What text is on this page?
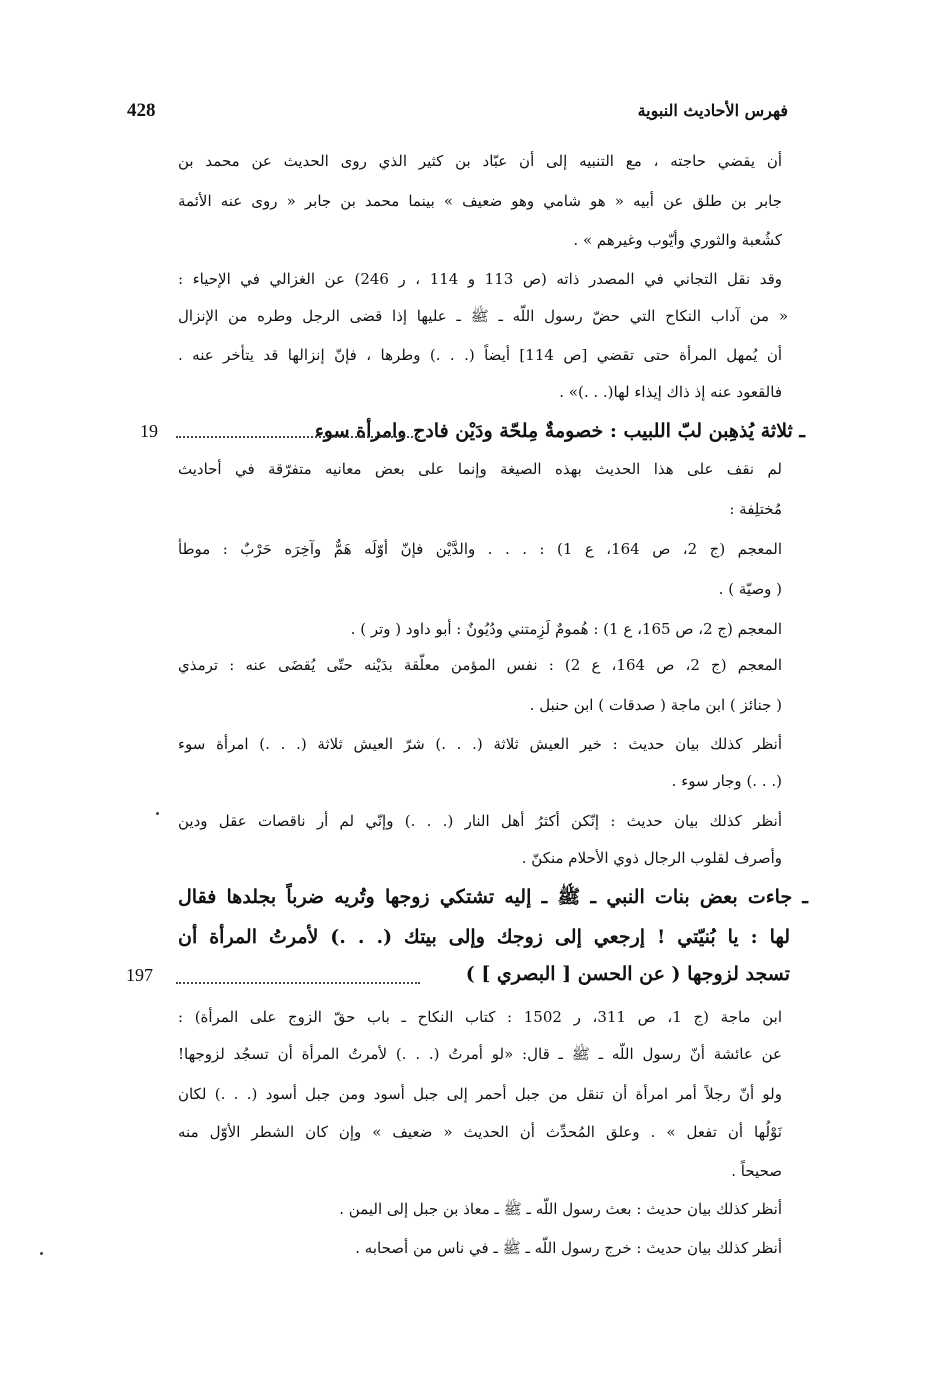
فهرس الأحاديث النبوية
428
أن يقضي حاجته ، مع التنبيه إلى أن عبّاد بن كثير الذي روى الحديث عن محمد بن
جابر بن طلق عن أبيه « هو شامي وهو ضعيف » بينما محمد بن جابر « روى عنه الأئمة
كشُعبة والثوري وأيّوب وغيرهم » .
وقد نقل التجاني في المصدر ذاته (ص 113 و 114 ، ر 246) عن الغزالي في الإحياء :
« من آداب النكاح التي حضّ رسول اللّه ـ ﷺ ـ عليها إذا قضى الرجل وطره من الإنزال
أن يُمهل المرأة حتى تقضي [ص 114] أيضاً (. . .) وطرها ، فإنّ إنزالها قد يتأخر عنه .
فالقعود عنه إذ ذاك إيذاء لها(. . .)» .
ـ ثلاثة يُذهِبن لبّ اللبيب : خصومةٌ مِلحّة ودَيْن فادح وامرأة سوء
19
لم نقف على هذا الحديث بهذه الصيغة وإنما على بعض معانيه متفرّقة في أحاديث
مُختلِفة :
المعجم (ج 2، ص 164، ع 1) : . . . والدَّيْن فإنّ أوّلَه هَمٌّ وآخِرَه حَرْبٌ : موطأ
( وصيّة ) .
المعجم (ج 2، ص 165، ع 1) : هُمومٌ لَزِمتني ودُيُونٌ : أبو داود ( وتر ) .
المعجم (ج 2، ص 164، ع 2) : نفس المؤمن معلّقة بدَيْنه حتّى يُقضَى عنه : ترمذي
( جنائز ) ابن ماجة ( صدقات ) ابن حنبل .
أنظر كذلك بيان حديث : خير العيش ثلاثة (. . .) شرّ العيش ثلاثة (. . .) امرأة سوء
(. . .) وجار سوء .
أنظر كذلك بيان حديث : إنّكن أكثرُ أهل النار (. . .) وإنّي لم أر ناقصات عقل ودين
وأصرف لقلوب الرجال ذوي الأحلام منكنّ .
ـ جاءت بعض بنات النبي ـ ﷺ ـ إليه تشتكي زوجها وتُريه ضرباً بجلدها فقال
لها : يا بُنيّتي ! إرجعي إلى زوجك وإلى بيتك (. . .) لأمرتُ المرأة أن
تسجد لزوجها ( عن الحسن [ البصري ] )
197
ابن ماجة (ج 1، ص 311، ر 1502 : كتاب النكاح ـ باب حقّ الزوج على المرأة) :
عن عائشة أنّ رسول اللّه ـ ﷺ ـ قال: «لو أمرتُ (. . .) لأمرتُ المرأة أن تسجُد لزوجها!
ولو أنّ رجلاً أمر امرأة أن تنقل من جبل أحمر إلى جبل أسود ومن جبل أسود (. . .) لكان
نَوْلُها أن تفعل » . وعلق المُحدِّث أن الحديث « ضعيف » وإن كان الشطر الأوّل منه
صحيحاً .
أنظر كذلك بيان حديث : بعث رسول اللّه ـ ﷺ ـ معاذ بن جبل إلى اليمن .
أنظر كذلك بيان حديث : خرج رسول اللّه ـ ﷺ ـ في ناس من أصحابه .
